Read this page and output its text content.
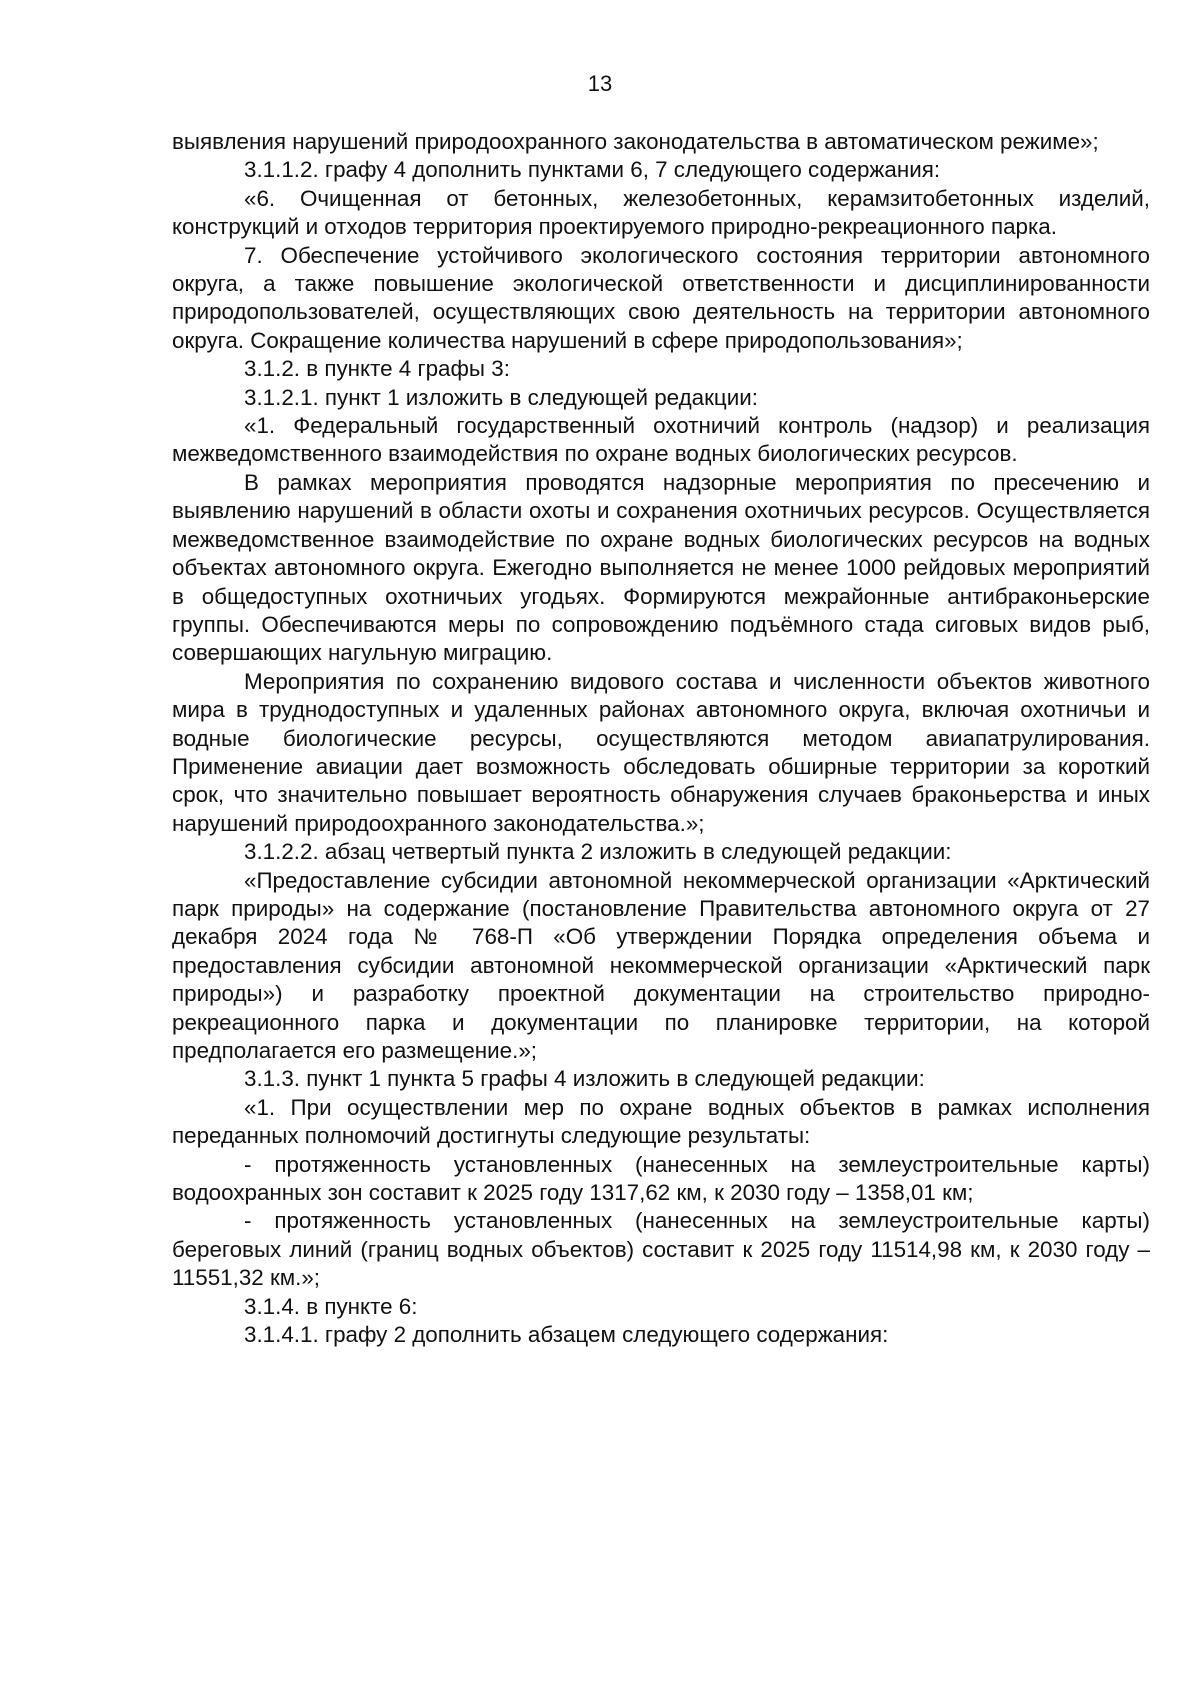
13

выявления нарушений природоохранного законодательства в автоматическом режиме»;

3.1.1.2. графу 4 дополнить пунктами 6, 7 следующего содержания:

«6. Очищенная от бетонных, железобетонных, керамзитобетонных изделий, конструкций и отходов территория проектируемого природно-рекреационного парка.

7. Обеспечение устойчивого экологического состояния территории автономного округа, а также повышение экологической ответственности и дисциплинированности природопользователей, осуществляющих свою деятельность на территории автономного округа. Сокращение количества нарушений в сфере природопользования»;

3.1.2. в пункте 4 графы 3:

3.1.2.1. пункт 1 изложить в следующей редакции:

«1. Федеральный государственный охотничий контроль (надзор) и реализация межведомственного взаимодействия по охране водных биологических ресурсов.

В рамках мероприятия проводятся надзорные мероприятия по пресечению и выявлению нарушений в области охоты и сохранения охотничьих ресурсов. Осуществляется межведомственное взаимодействие по охране водных биологических ресурсов на водных объектах автономного округа. Ежегодно выполняется не менее 1000 рейдовых мероприятий в общедоступных охотничьих угодьях. Формируются межрайонные антибраконьерские группы. Обеспечиваются меры по сопровождению подъёмного стада сиговых видов рыб, совершающих нагульную миграцию.

Мероприятия по сохранению видового состава и численности объектов животного мира в труднодоступных и удаленных районах автономного округа, включая охотничьи и водные биологические ресурсы, осуществляются методом авиапатрулирования. Применение авиации дает возможность обследовать обширные территории за короткий срок, что значительно повышает вероятность обнаружения случаев браконьерства и иных нарушений природоохранного законодательства.»;

3.1.2.2. абзац четвертый пункта 2 изложить в следующей редакции:

«Предоставление субсидии автономной некоммерческой организации «Арктический парк природы» на содержание (постановление Правительства автономного округа от 27 декабря 2024 года № 768-П «Об утверждении Порядка определения объема и предоставления субсидии автономной некоммерческой организации «Арктический парк природы») и разработку проектной документации на строительство природно-рекреационного парка и документации по планировке территории, на которой предполагается его размещение.»;

3.1.3. пункт 1 пункта 5 графы 4 изложить в следующей редакции:

«1. При осуществлении мер по охране водных объектов в рамках исполнения переданных полномочий достигнуты следующие результаты:

- протяженность установленных (нанесенных на землеустроительные карты) водоохранных зон составит к 2025 году 1317,62 км, к 2030 году – 1358,01 км;

- протяженность установленных (нанесенных на землеустроительные карты) береговых линий (границ водных объектов) составит к 2025 году 11514,98 км, к 2030 году – 11551,32 км.»;

3.1.4. в пункте 6:

3.1.4.1. графу 2 дополнить абзацем следующего содержания:
